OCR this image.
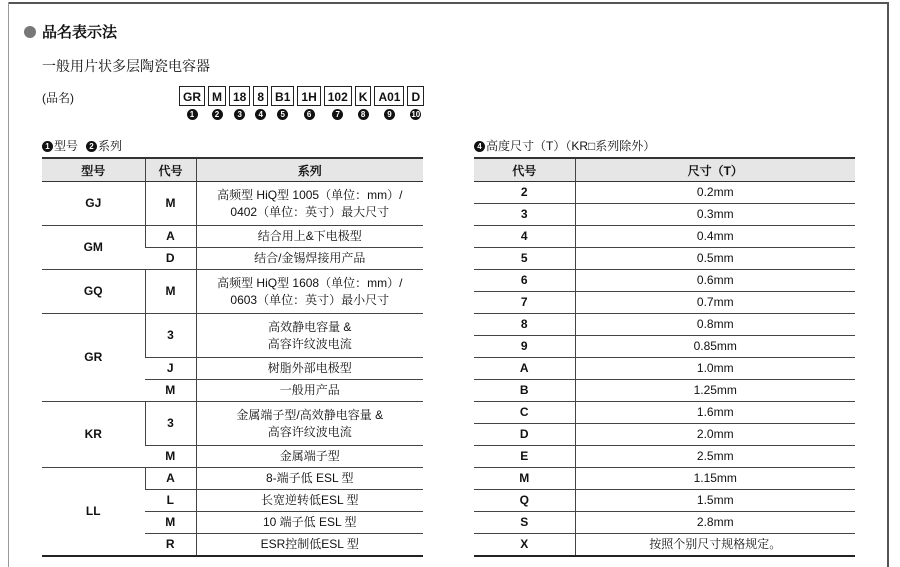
品名表示法
一般用片状多层陶瓷电容器
(品名)	GR
1
M
2
18
3
8
4
B1
5
1H
6
102
7
K
8
A01
9
D
10
1 型号 2 系列	4 高度尺寸（T）（KR□系列除外）
型号	代号	系列
GJ	M	高频型 HiQ型 1005（单位：mm）/
0402（单位：英寸）最大尺寸

GM	A	结合用上&下电极型

	D	结合/金锡焊接用产品

GQ	M	高频型 HiQ型 1608（单位：mm）/
0603（单位：英寸）最小尺寸

GR	3	高效静电容量 &
高容许纹波电流

	J	树脂外部电极型

	M	一般用产品

KR	3	金属端子型/高效静电容量 &
高容许纹波电流

	M	金属端子型

LL	A	8-端子低 ESL 型

	L	长宽逆转低ESL 型

	M	10 端子低 ESL 型

	R	ESR控制低ESL 型
代号	尺寸（T）
2	0.2mm
3	0.3mm
4	0.4mm
5	0.5mm
6	0.6mm
7	0.7mm
8	0.8mm
9	0.85mm
A	1.0mm
B	1.25mm
C	1.6mm
D	2.0mm
E	2.5mm
M	1.15mm
Q	1.5mm
S	2.8mm
X	按照个别尺寸规格规定。
